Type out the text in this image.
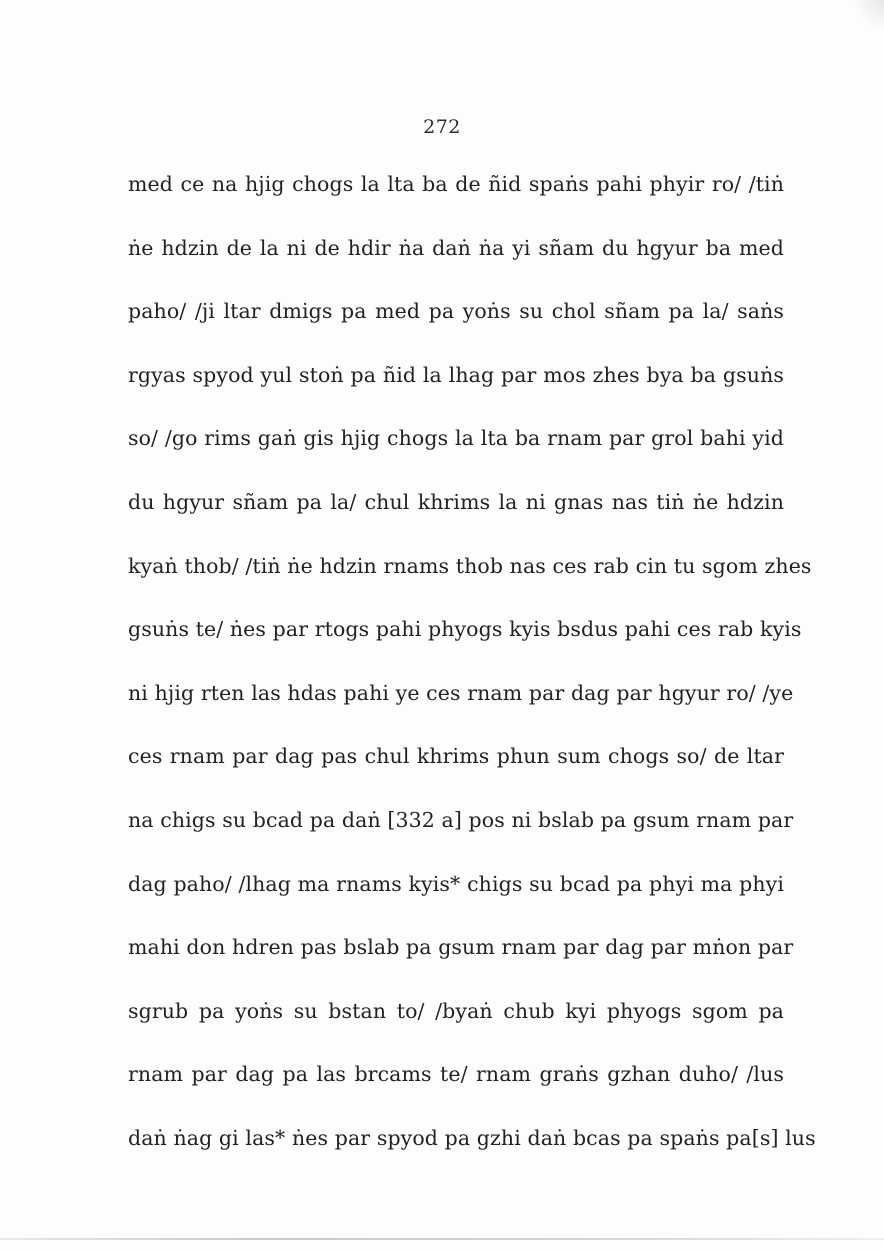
272
med ce na hjig chogs la lta ba de ñid spaṅs pahi phyir ro/ /tiṅ
ṅe hdzin de la ni de hdir ṅa daṅ ṅa yi sñam du hgyur ba med
paho/ /ji ltar dmigs pa med pa yoṅs su chol sñam pa la/ saṅs
rgyas spyod yul stoṅ pa ñid la lhag par mos zhes bya ba gsuṅs
so/ /go rims gaṅ gis hjig chogs la lta ba rnam par grol bahi yid
du hgyur sñam pa la/ chul khrims la ni gnas nas tiṅ ṅe hdzin
kyaṅ thob/ /tiṅ ṅe hdzin rnams thob nas ces rab cin tu sgom zhes
gsuṅs te/ ṅes par rtogs pahi phyogs kyis bsdus pahi ces rab kyis
ni hjig rten las hdas pahi ye ces rnam par dag par hgyur ro/ /ye
ces rnam par dag pas chul khrims phun sum chogs so/ de ltar
na chigs su bcad pa daṅ [332 a] pos ni bslab pa gsum rnam par
dag paho/ /lhag ma rnams kyis* chigs su bcad pa phyi ma phyi
mahi don hdren pas bslab pa gsum rnam par dag par mṅon par
sgrub pa yoṅs su bstan to/ /byaṅ chub kyi phyogs sgom pa
rnam par dag pa las brcams te/ rnam graṅs gzhan duho/ /lus
daṅ ṅag gi las* ṅes par spyod pa gzhi daṅ bcas pa spaṅs pa[s] lus
